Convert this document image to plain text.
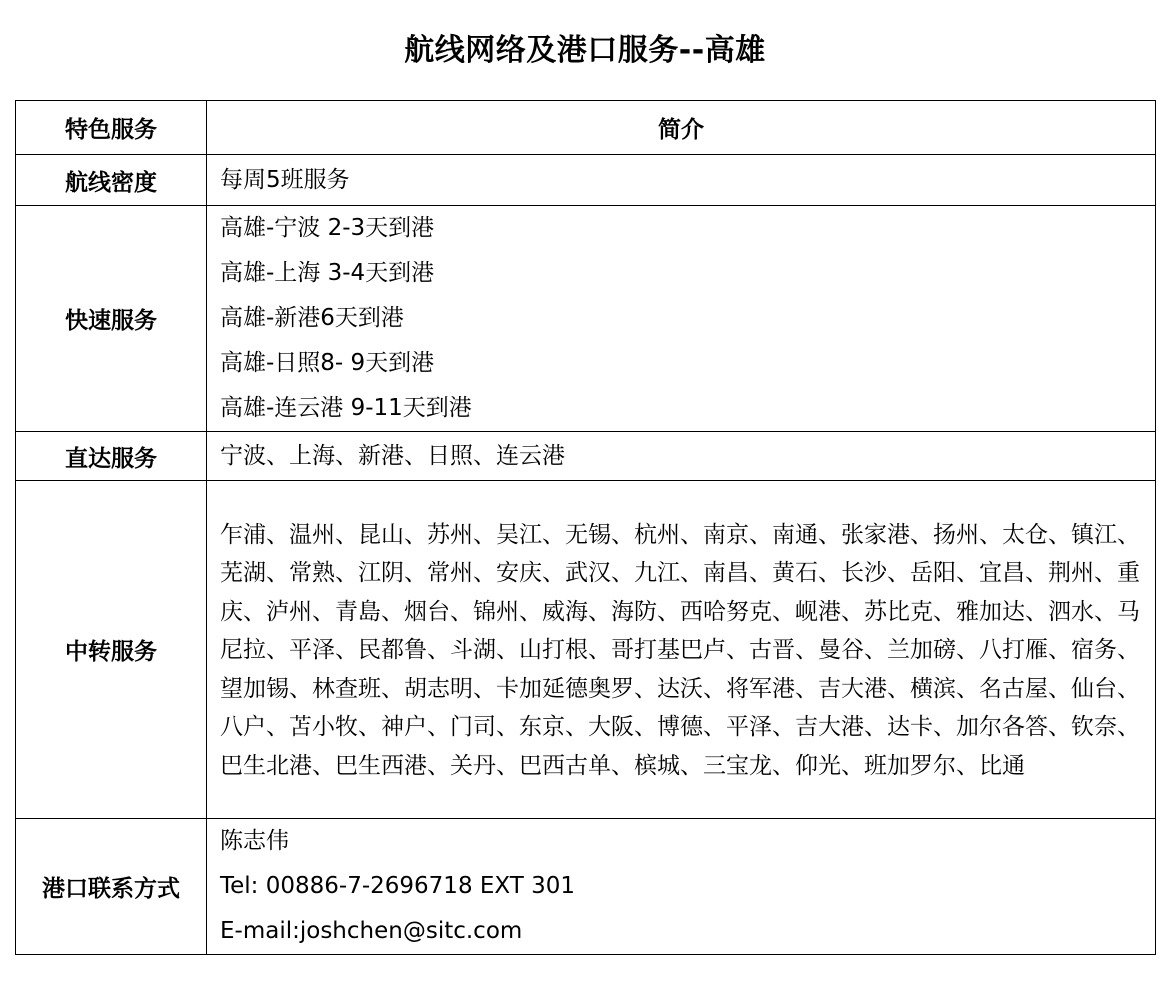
航线网络及港口服务--高雄
特色服务	简介
航线密度	每周5班服务
快速服务	高雄-宁波 2-3天到港
高雄-上海 3-4天到港
高雄-新港6天到港
高雄-日照8- 9天到港
高雄-连云港 9-11天到港

直达服务	宁波、上海、新港、日照、连云港
中转服务	乍浦、温州、昆山、苏州、吴江、无锡、杭州、南京、南通、张家港、扬州、太仓、镇江、芜湖、常熟、江阴、常州、安庆、武汉、九江、南昌、黄石、长沙、岳阳、宜昌、荆州、重庆、泸州、青島、烟台、锦州、威海、海防、西哈努克、岘港、苏比克、雅加达、泗水、马尼拉、平泽、民都鲁、斗湖、山打根、哥打基巴卢、古晋、曼谷、兰加磅、八打雁、宿务、望加锡、林查班、胡志明、卡加延德奥罗、达沃、将军港、吉大港、横滨、名古屋、仙台、八户、苫小牧、神户、门司、东京、大阪、博德、平泽、吉大港、达卡、加尔各答、钦奈、巴生北港、巴生西港、关丹、巴西古单、槟城、三宝龙、仰光、班加罗尔、比通

港口联系方式	陈志伟
Tel: 00886-7-2696718 EXT 301
E-mail:joshchen@sitc.com
